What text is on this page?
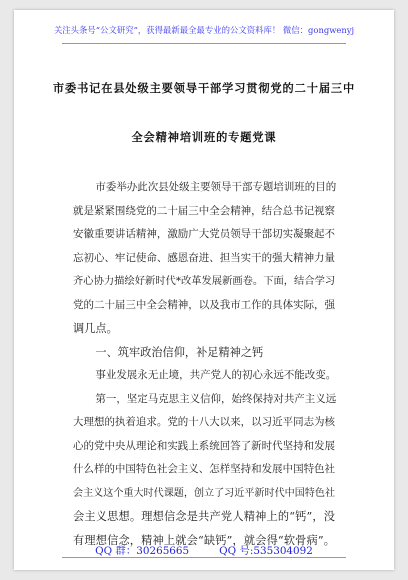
关注头条号“公文研究”，获得最新最全最专业的公文资料库！ 微信：gongwenyj
市委书记在县处级主要领导干部学习贯彻党的二十届三中
全会精神培训班的专题党课

市委举办此次县处级主要领导干部专题培训班的目的
就是紧紧围绕党的二十届三中全会精神，结合总书记视察
安徽重要讲话精神，激励广大党员领导干部切实凝聚起不
忘初心、牢记使命、感恩奋进、担当实干的强大精神力量
齐心协力描绘好新时代*改革发展新画卷。下面，结合学习
党的二十届三中全会精神，以及我市工作的具体实际，强
调几点。

一、筑牢政治信仰，补足精神之钙

事业发展永无止境，共产党人的初心永远不能改变。

第一，坚定马克思主义信仰，始终保持对共产主义远
大理想的执着追求。党的十八大以来，以习近平同志为核
心的党中央从理论和实践上系统回答了新时代坚持和发展
什么样的中国特色社会主义、怎样坚持和发展中国特色社
会主义这个重大时代课题，创立了习近平新时代中国特色社
会主义思想。理想信念是共产党人精神上的“钙”，没
有理想信念，精神上就会“缺钙”，就会得“软骨病”。

QQ 群：30265665	QQ 号:535304092
